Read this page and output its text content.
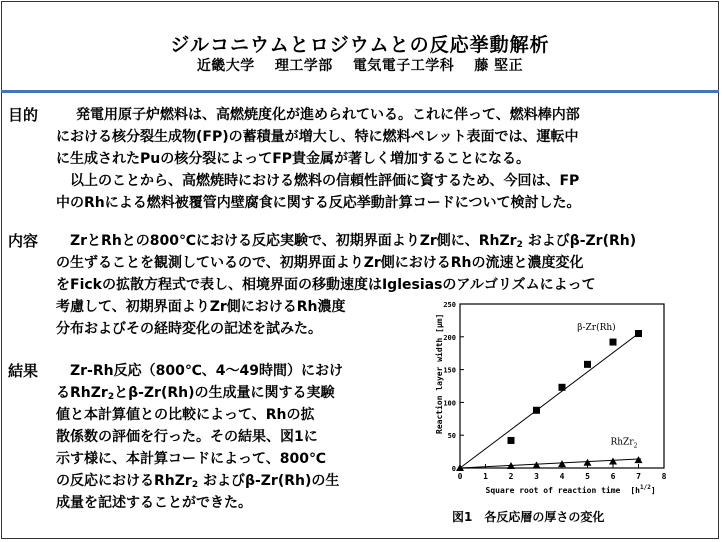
ジルコニウムとロジウムとの反応挙動解析
近畿大学 理工学部 電気電子工学科 藤 堅正
目的 　発電用原子炉燃料は、高燃焼度化が進められている。これに伴って、燃料棒内部
における核分裂生成物(FP)の蓄積量が増大し、特に燃料ペレット表面では、運転中
に生成されたPuの核分裂によってFP貴金属が著しく増加することになる。
　以上のことから、高燃焼時における燃料の信頼性評価に資するため、今回は、FP
中のRhによる燃料被覆管内壁腐食に関する反応挙動計算コードについて検討した。
内容 　ZrとRhとの800℃における反応実験で、初期界面よりZr側に、RhZr$_2$ およびβ-Zr(Rh)
の生ずることを観測しているので、初期界面よりZr側におけるRhの流速と濃度変化
をFickの拡散方程式で表し、相境界面の移動速度はIglesiasのアルゴリズムによって
考慮して、初期界面よりZr側におけるRh濃度
分布およびその経時変化の記述を試みた。
結果 　Zr-Rh反応（800℃、4～49時間）におけ
るRhZr$_2$とβ-Zr(Rh)の生成量に関する実験
値と本計算値との比較によって、Rhの拡
散係数の評価を行った。その結果、図1に
示す様に、本計算コードによって、800℃
の反応におけるRhZr$_2$ およびβ-Zr(Rh)の生
成量を記述することができた。
0	1	2	3	4	5	6	7	8
0
50
100
150
200
250
Reaction layer width [μm]
Square root of reaction time $[h^{1/2}]$
β-Zr(Rh)
RhZr$_2$
図1　各反応層の厚さの変化
